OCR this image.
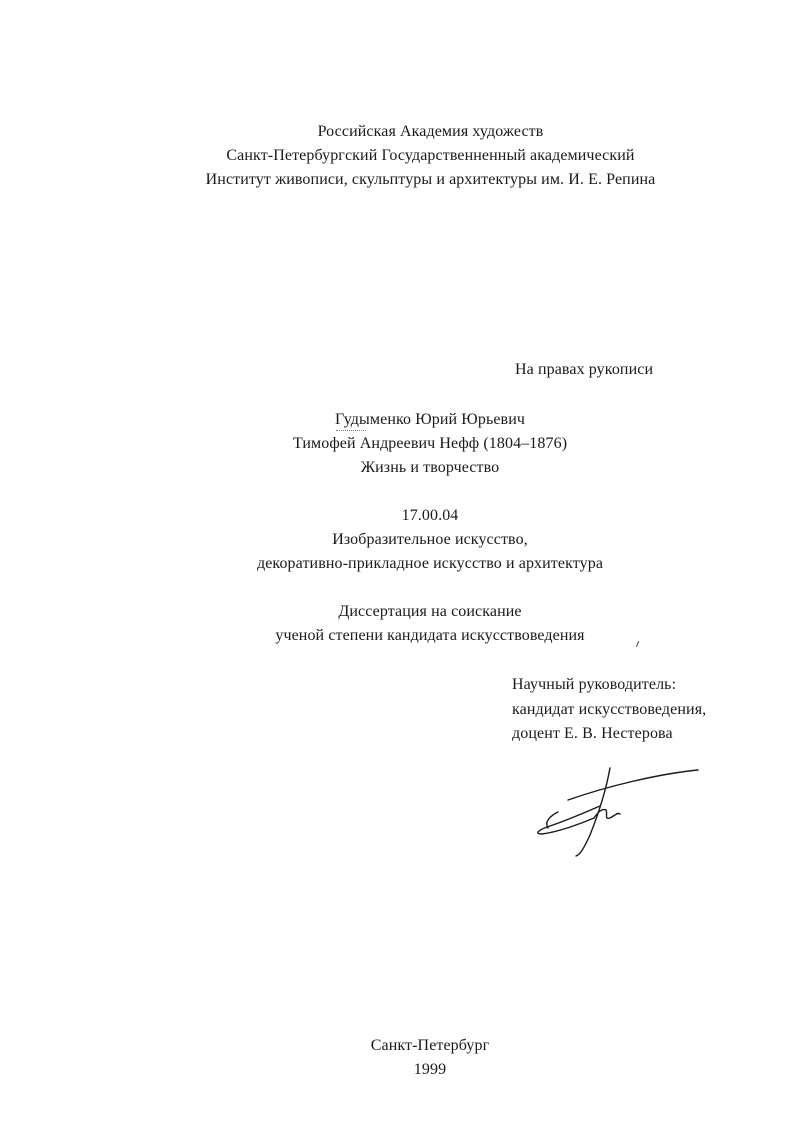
Российская Академия художеств
Санкт-Петербургский Государственненный академический
Институт живописи, скульптуры и архитектуры им. И. Е. Репина
На правах рукописи
Гудыменко Юрий Юрьевич
Тимофей Андреевич Нефф (1804–1876)
Жизнь и творчество
17.00.04
Изобразительное искусство,
декоративно-прикладное искусство и архитектура
Диссертация на соискание
ученой степени кандидата искусствоведения
Научный руководитель:
кандидат искусствоведения,
доцент Е. В. Нестерова
Санкт-Петербург
1999
